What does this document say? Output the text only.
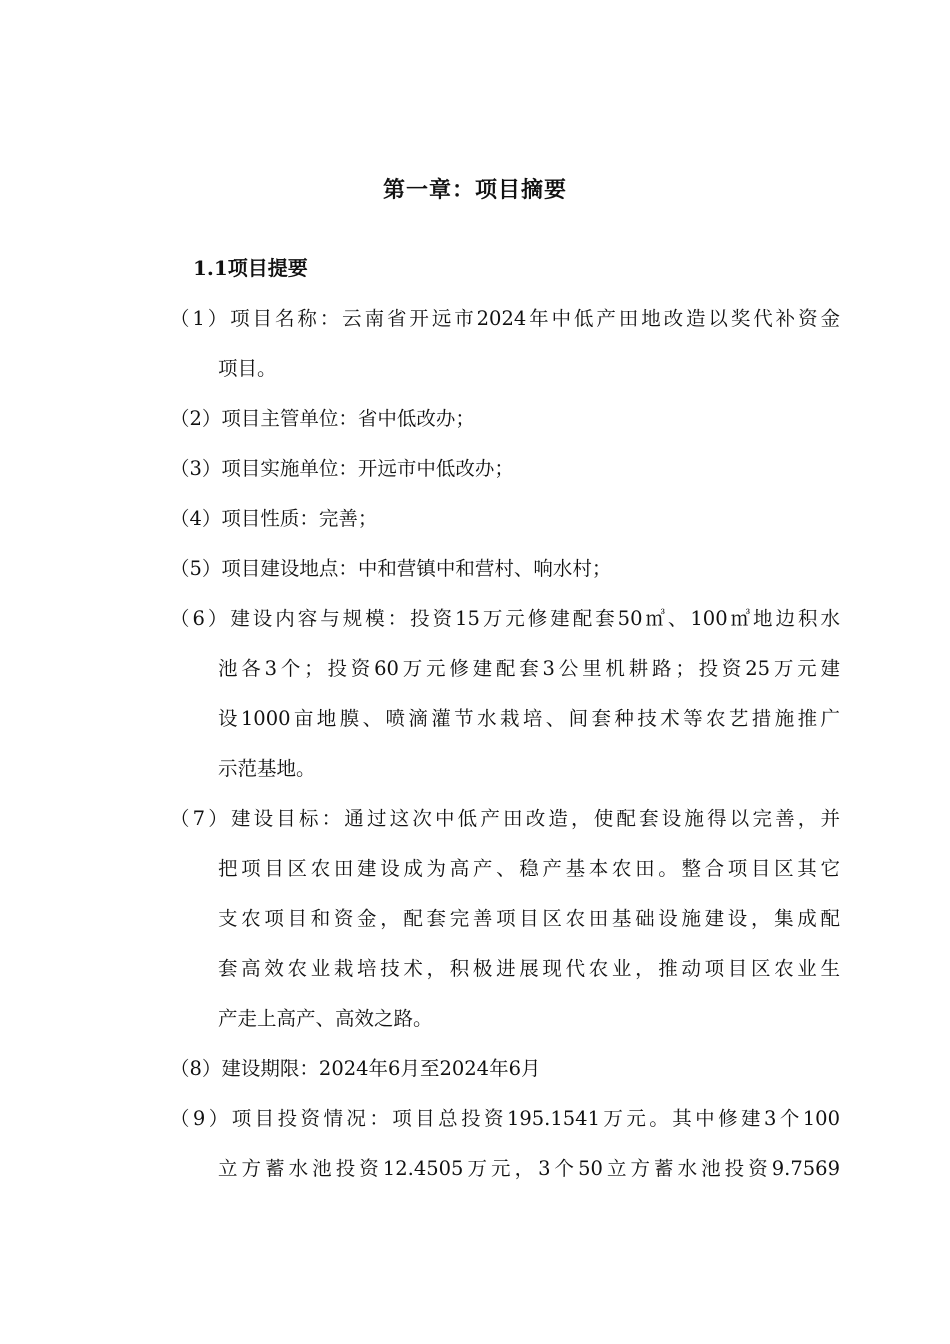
第一章：项目摘要
1.1项目提要
（1）项目名称：云南省开远市2024年中低产田地改造以奖代补资金
项目。
（2）项目主管单位：省中低改办；
（3）项目实施单位：开远市中低改办；
（4）项目性质：完善；
（5）项目建设地点：中和营镇中和营村、响水村；
（6）建设内容与规模：投资15万元修建配套50㎥、100㎥地边积水
池各3个；投资60万元修建配套3公里机耕路；投资25万元建
设1000亩地膜、喷滴灌节水栽培、间套种技术等农艺措施推广
示范基地。
（7）建设目标：通过这次中低产田改造，使配套设施得以完善，并
把项目区农田建设成为高产、稳产基本农田。整合项目区其它
支农项目和资金，配套完善项目区农田基础设施建设，集成配
套高效农业栽培技术，积极进展现代农业，推动项目区农业生
产走上高产、高效之路。
（8）建设期限：2024年6月至2024年6月
（9）项目投资情况：项目总投资195.1541万元。其中修建3个100
立方蓄水池投资12.4505万元，3个50立方蓄水池投资9.7569
